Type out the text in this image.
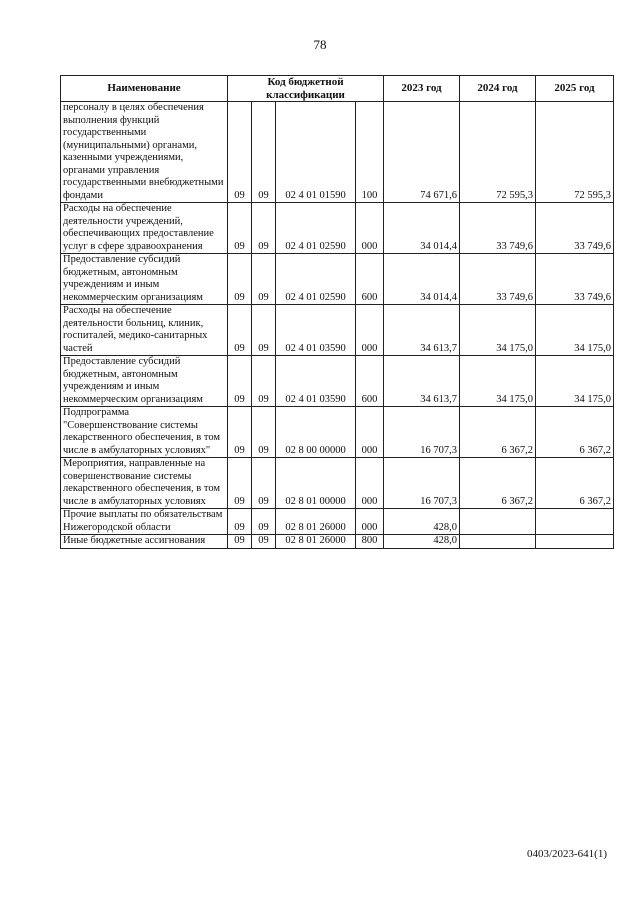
78
Наименование	Код бюджетной классификации				2023 год	2024 год	2025 год
персоналу в целях обеспечения выполнения функций государственными (муниципальными) органами, казенными учреждениями, органами управления государственными внебюджетными фондами	09	09	02 4 01 01590	100	74 671,6	72 595,3	72 595,3
Расходы на обеспечение деятельности учреждений, обеспечивающих предоставление услуг в сфере здравоохранения	09	09	02 4 01 02590	000	34 014,4	33 749,6	33 749,6
Предоставление субсидий бюджетным, автономным учреждениям и иным некоммерческим организациям	09	09	02 4 01 02590	600	34 014,4	33 749,6	33 749,6
Расходы на обеспечение деятельности больниц, клиник, госпиталей, медико-санитарных частей	09	09	02 4 01 03590	000	34 613,7	34 175,0	34 175,0
Предоставление субсидий бюджетным, автономным учреждениям и иным некоммерческим организациям	09	09	02 4 01 03590	600	34 613,7	34 175,0	34 175,0
Подпрограмма "Совершенствование системы лекарственного обеспечения, в том числе в амбулаторных условиях"	09	09	02 8 00 00000	000	16 707,3	6 367,2	6 367,2
Мероприятия, направленные на совершенствование системы лекарственного обеспечения, в том числе в амбулаторных условиях	09	09	02 8 01 00000	000	16 707,3	6 367,2	6 367,2
Прочие выплаты по обязательствам Нижегородской области	09	09	02 8 01 26000	000	428,0		
Иные бюджетные ассигнования	09	09	02 8 01 26000	800	428,0		
0403/2023-641(1)
